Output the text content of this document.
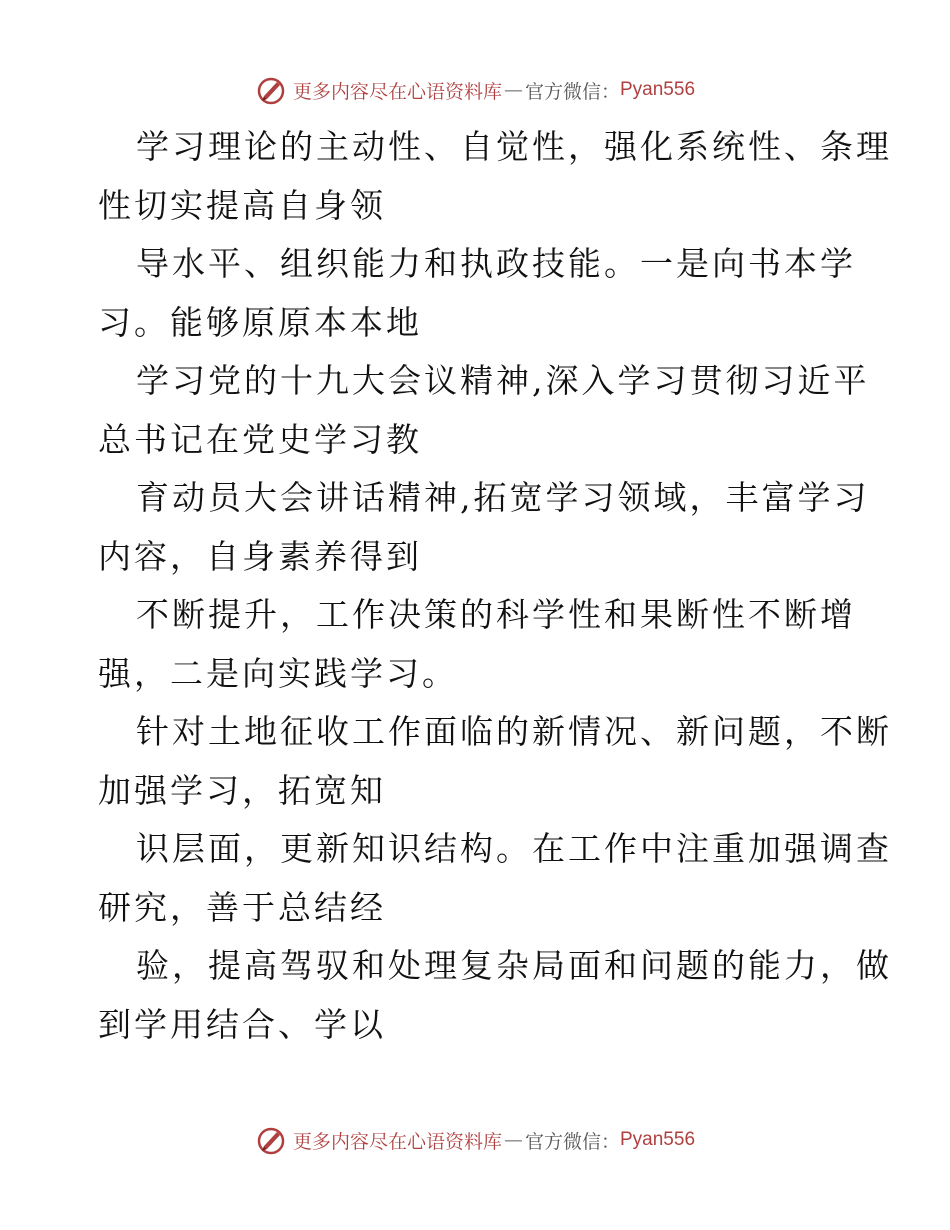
更多内容尽在心语资料库 — 官方微信： Pyan556
学习理论的主动性、自觉性，强化系统性、条理
性切实提高自身领
导水平、组织能力和执政技能。一是向书本学
习。能够原原本本地
学习党的十九大会议精神,深入学习贯彻习近平
总书记在党史学习教
育动员大会讲话精神,拓宽学习领域，丰富学习
内容，自身素养得到
不断提升，工作决策的科学性和果断性不断增
强，二是向实践学习。
针对土地征收工作面临的新情况、新问题，不断
加强学习，拓宽知
识层面，更新知识结构。在工作中注重加强调查
研究，善于总结经
验，提高驾驭和处理复杂局面和问题的能力，做
到学用结合、学以
更多内容尽在心语资料库 — 官方微信： Pyan556
